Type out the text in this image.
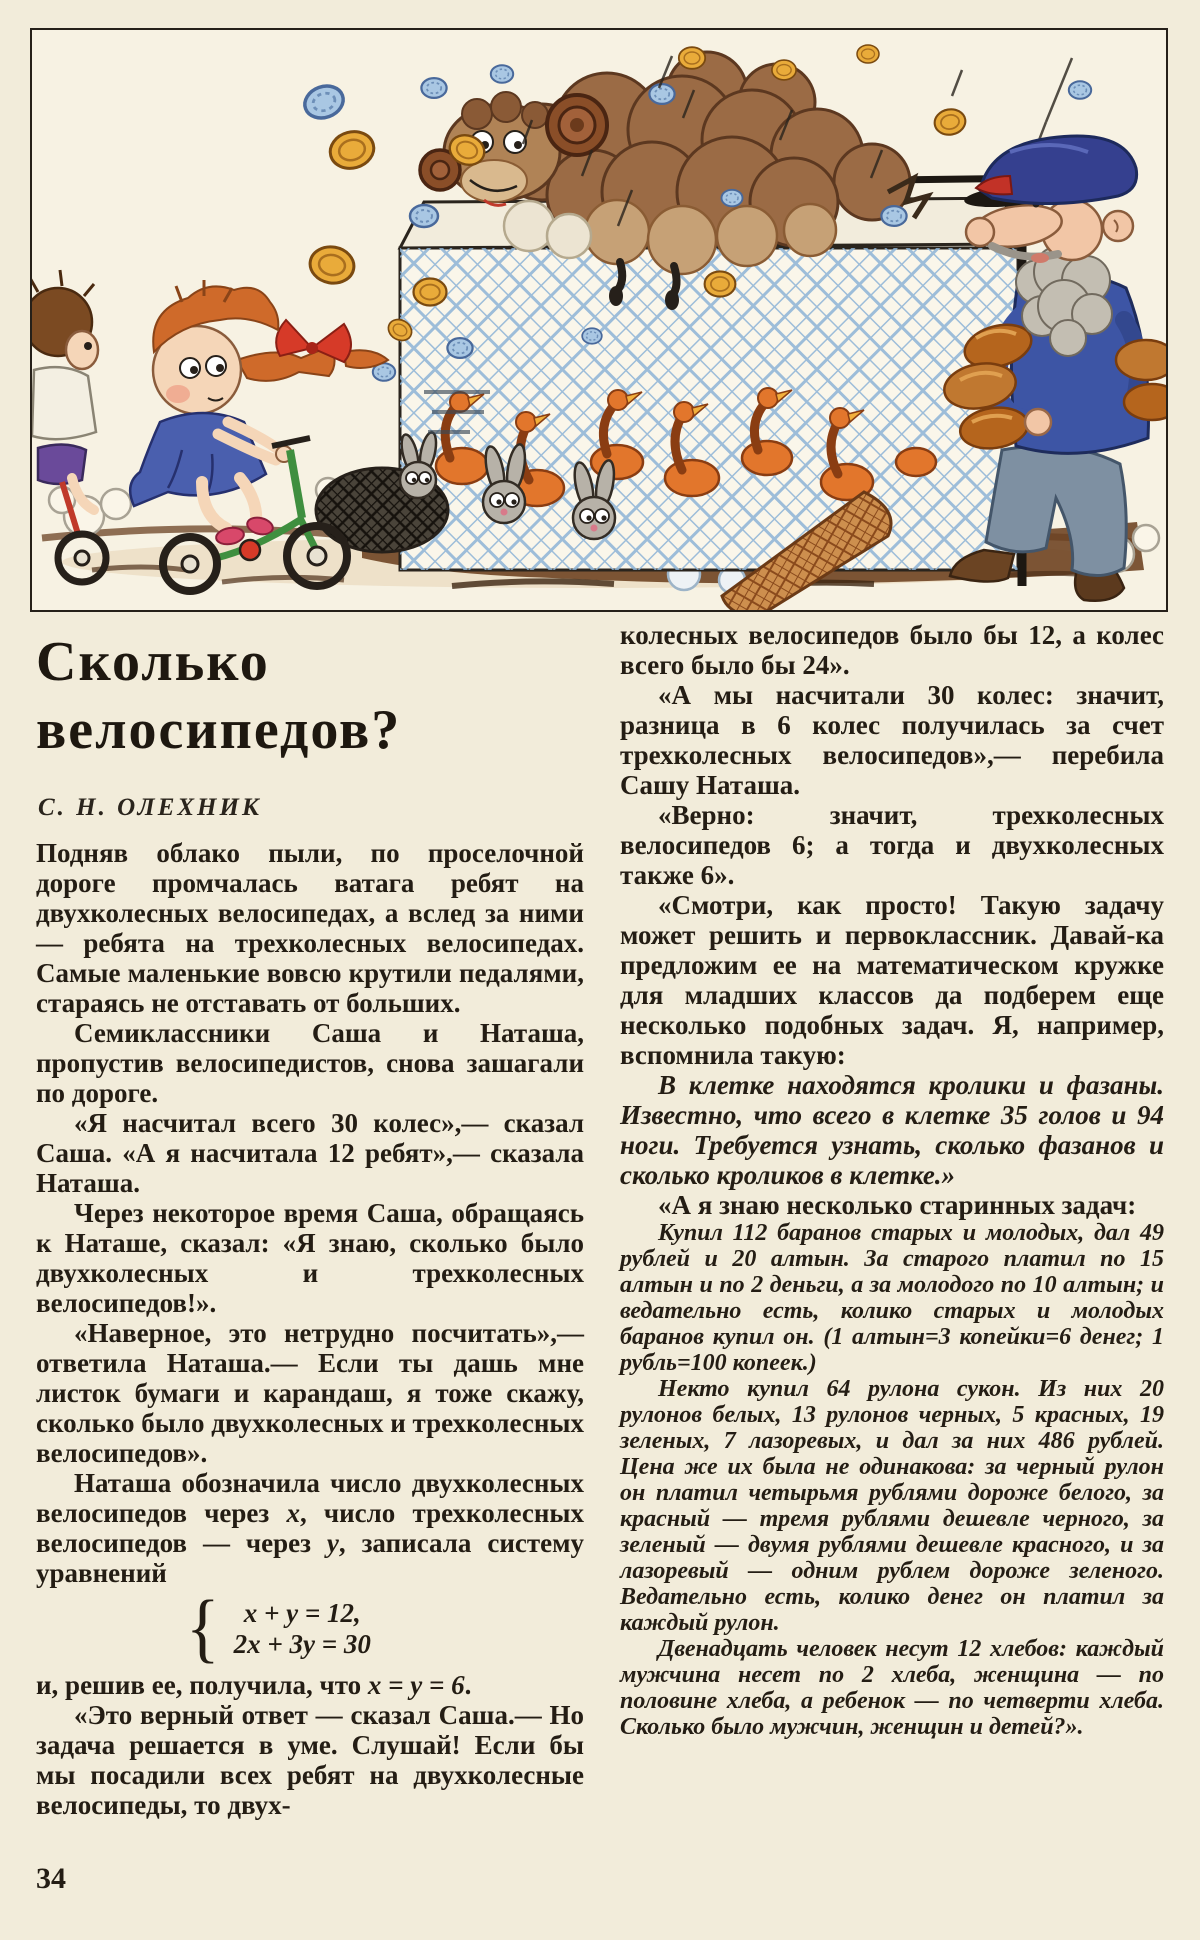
Сколько
велосипедов?
С. Н. ОЛЕХНИК

Подняв облако пыли, по проселочной дороге промчалась ватага ребят на двухколесных велосипедах, а вслед за ними — ребята на трехколесных велосипедах. Самые маленькие вовсю крутили педалями, стараясь не отставать от больших.

Семиклассники Саша и Наташа, пропустив велосипедистов, снова зашагали по дороге.

«Я насчитал всего 30 колес»,— сказал Саша. «А я насчитала 12 ребят»,— сказала Наташа.

Через некоторое время Саша, обращаясь к Наташе, сказал: «Я знаю, сколько было двухколесных и трехколесных велосипедов!».

«Наверное, это нетрудно посчитать»,— ответила Наташа.— Если ты дашь мне листок бумаги и карандаш, я тоже скажу, сколько было двухколесных и трехколесных велосипедов».

Наташа обозначила число двухколесных велосипедов через x, число трехколесных велосипедов — через y, записала систему уравнений

{ x + y = 12,
2x + 3y = 30

и, решив ее, получила, что x = y = 6.

«Это верный ответ — сказал Саша.— Но задача решается в уме. Слушай! Если бы мы посадили всех ребят на двухколесные велосипеды, то двух-

колесных велосипедов было бы 12, а колес всего было бы 24».

«А мы насчитали 30 колес: значит, разница в 6 колес получилась за счет трехколесных велосипедов»,— перебила Сашу Наташа.

«Верно: значит, трехколесных велосипедов 6; а тогда и двухколесных также 6».

«Смотри, как просто! Такую задачу может решить и первоклассник. Давай-ка предложим ее на математическом кружке для младших классов да подберем еще несколько подобных задач. Я, например, вспомнила такую:

В клетке находятся кролики и фазаны. Известно, что всего в клетке 35 голов и 94 ноги. Требуется узнать, сколько фазанов и сколько кроликов в клетке.»

«А я знаю несколько старинных задач:

Купил 112 баранов старых и молодых, дал 49 рублей и 20 алтын. За старого платил по 15 алтын и по 2 деньги, а за молодого по 10 алтын; и ведательно есть, колико старых и молодых баранов купил он. (1 алтын=3 копейки=6 денег; 1 рубль=100 копеек.)

Некто купил 64 рулона сукон. Из них 20 рулонов белых, 13 рулонов черных, 5 красных, 19 зеленых, 7 лазоревых, и дал за них 486 рублей. Цена же их была не одинакова: за черный рулон он платил четырьмя рублями дороже белого, за красный — тремя рублями дешевле черного, за зеленый — двумя рублями дешевле красного, и за лазоревый — одним рублем дороже зеленого. Ведательно есть, колико денег он платил за каждый рулон.

Двенадцать человек несут 12 хлебов: каждый мужчина несет по 2 хлеба, женщина — по половине хлеба, а ребенок — по четверти хлеба. Сколько было мужчин, женщин и детей?».

34
